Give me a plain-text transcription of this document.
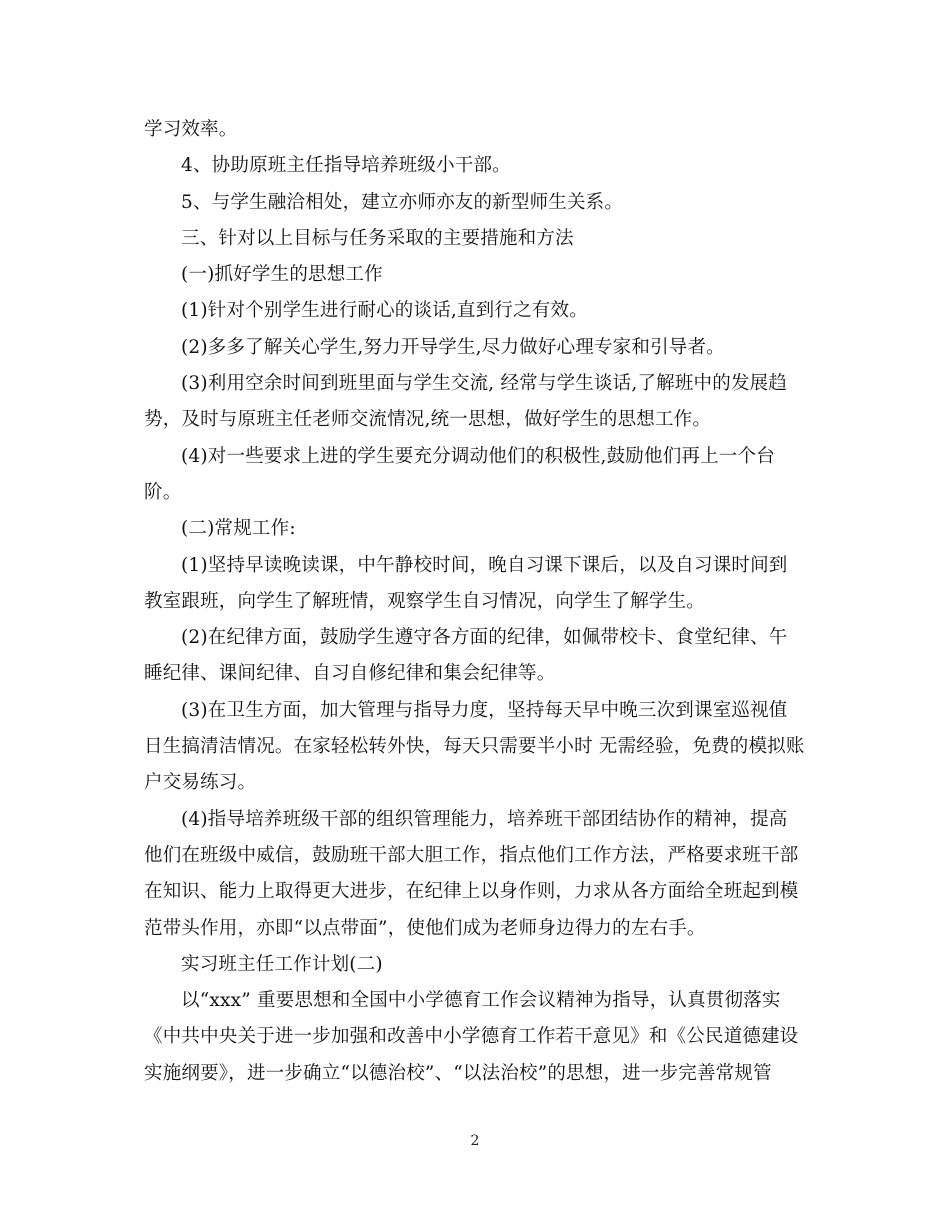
学习效率。
4、协助原班主任指导培养班级小干部。
5、与学生融洽相处，建立亦师亦友的新型师生关系。
三、针对以上目标与任务采取的主要措施和方法
(一)抓好学生的思想工作
(1)针对个别学生进行耐心的谈话,直到行之有效。
(2)多多了解关心学生,努力开导学生,尽力做好心理专家和引导者。
(3)利用空余时间到班里面与学生交流, 经常与学生谈话,了解班中的发展趋
势，及时与原班主任老师交流情况,统一思想，做好学生的思想工作。
(4)对一些要求上进的学生要充分调动他们的积极性,鼓励他们再上一个台
阶。
(二)常规工作:
(1)坚持早读晚读课，中午静校时间，晚自习课下课后，以及自习课时间到
教室跟班，向学生了解班情，观察学生自习情况，向学生了解学生。
(2)在纪律方面，鼓励学生遵守各方面的纪律，如佩带校卡、食堂纪律、午
睡纪律、课间纪律、自习自修纪律和集会纪律等。
(3)在卫生方面，加大管理与指导力度，坚持每天早中晚三次到课室巡视值
日生搞清洁情况。在家轻松转外快，每天只需要半小时 无需经验，免费的模拟账
户交易练习。
(4)指导培养班级干部的组织管理能力，培养班干部团结协作的精神，提高
他们在班级中威信，鼓励班干部大胆工作，指点他们工作方法，严格要求班干部
在知识、能力上取得更大进步，在纪律上以身作则，力求从各方面给全班起到模
范带头作用，亦即“以点带面”，使他们成为老师身边得力的左右手。
实习班主任工作计划(二)
以“xxx” 重要思想和全国中小学德育工作会议精神为指导，认真贯彻落实
《中共中央关于进一步加强和改善中小学德育工作若干意见》和《公民道德建设
实施纲要》，进一步确立“以德治校”、“以法治校”的思想，进一步完善常规管
2
